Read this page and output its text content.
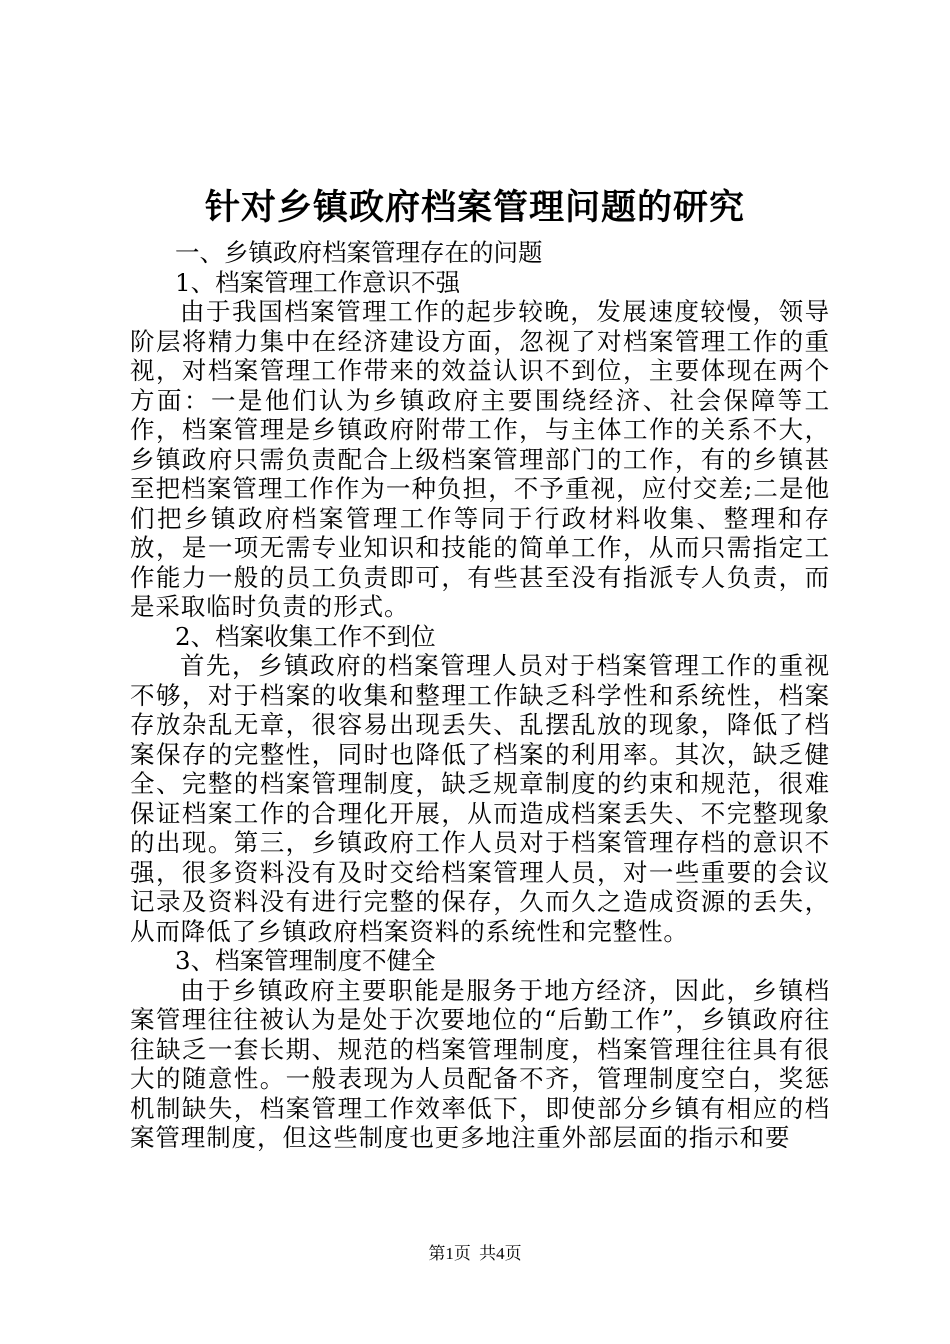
针对乡镇政府档案管理问题的研究

一、乡镇政府档案管理存在的问题

1、档案管理工作意识不强

由于我国档案管理工作的起步较晚，发展速度较慢，领导阶层将精力集中在经济建设方面，忽视了对档案管理工作的重视，对档案管理工作带来的效益认识不到位，主要体现在两个方面：一是他们认为乡镇政府主要围绕经济、社会保障等工作，档案管理是乡镇政府附带工作，与主体工作的关系不大，乡镇政府只需负责配合上级档案管理部门的工作，有的乡镇甚至把档案管理工作作为一种负担，不予重视，应付交差;二是他们把乡镇政府档案管理工作等同于行政材料收集、整理和存放，是一项无需专业知识和技能的简单工作，从而只需指定工作能力一般的员工负责即可，有些甚至没有指派专人负责，而是采取临时负责的形式。

2、档案收集工作不到位

首先，乡镇政府的档案管理人员对于档案管理工作的重视不够，对于档案的收集和整理工作缺乏科学性和系统性，档案存放杂乱无章，很容易出现丢失、乱摆乱放的现象，降低了档案保存的完整性，同时也降低了档案的利用率。其次，缺乏健全、完整的档案管理制度，缺乏规章制度的约束和规范，很难保证档案工作的合理化开展，从而造成档案丢失、不完整现象的出现。第三，乡镇政府工作人员对于档案管理存档的意识不强，很多资料没有及时交给档案管理人员，对一些重要的会议记录及资料没有进行完整的保存，久而久之造成资源的丢失，从而降低了乡镇政府档案资料的系统性和完整性。

3、档案管理制度不健全

由于乡镇政府主要职能是服务于地方经济，因此，乡镇档案管理往往被认为是处于次要地位的“后勤工作”，乡镇政府往往缺乏一套长期、规范的档案管理制度，档案管理往往具有很大的随意性。一般表现为人员配备不齐，管理制度空白，奖惩机制缺失，档案管理工作效率低下，即使部分乡镇有相应的档案管理制度，但这些制度也更多地注重外部层面的指示和要

第1页 共4页
